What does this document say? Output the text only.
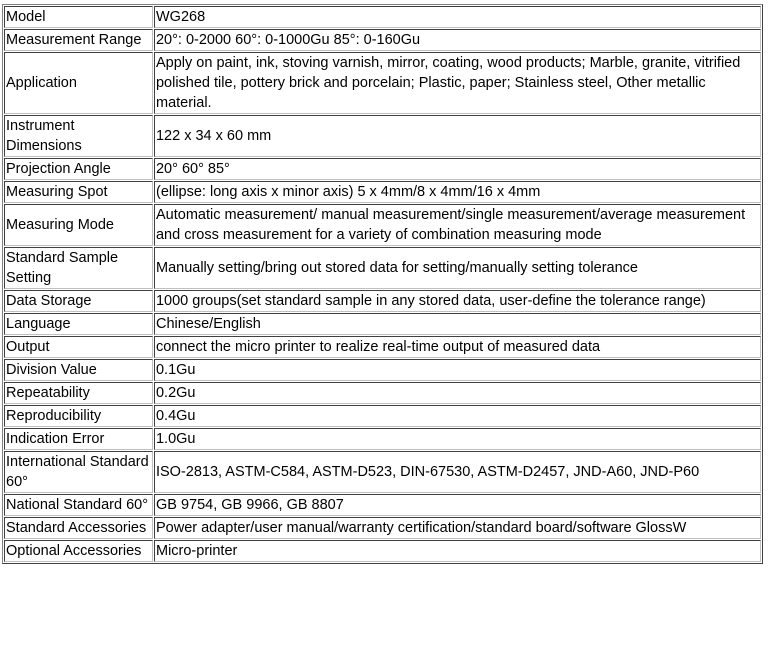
Model	WG268
Measurement Range	20°: 0-2000 60°: 0-1000Gu 85°: 0-160Gu
Application	Apply on paint, ink, stoving varnish, mirror, coating, wood products; Marble, granite, vitrified polished tile, pottery brick and porcelain; Plastic, paper; Stainless steel, Other metallic material.
Instrument Dimensions	122 x 34 x 60 mm
Projection Angle	20° 60° 85°
Measuring Spot	(ellipse: long axis x minor axis) 5 x 4mm/8 x 4mm/16 x 4mm
Measuring Mode	Automatic measurement/ manual measurement/single measurement/average measurement and cross measurement for a variety of combination measuring mode
Standard Sample Setting	Manually setting/bring out stored data for setting/manually setting tolerance
Data Storage	1000 groups(set standard sample in any stored data, user-define the tolerance range)
Language	Chinese/English
Output	connect the micro printer to realize real-time output of measured data
Division Value	0.1Gu
Repeatability	0.2Gu
Reproducibility	0.4Gu
Indication Error	1.0Gu
International Standard 60°	ISO-2813, ASTM-C584, ASTM-D523, DIN-67530, ASTM-D2457, JND-A60, JND-P60
National Standard 60°	GB 9754, GB 9966, GB 8807
Standard Accessories	Power adapter/user manual/warranty certification/standard board/software GlossW
Optional Accessories	Micro-printer
